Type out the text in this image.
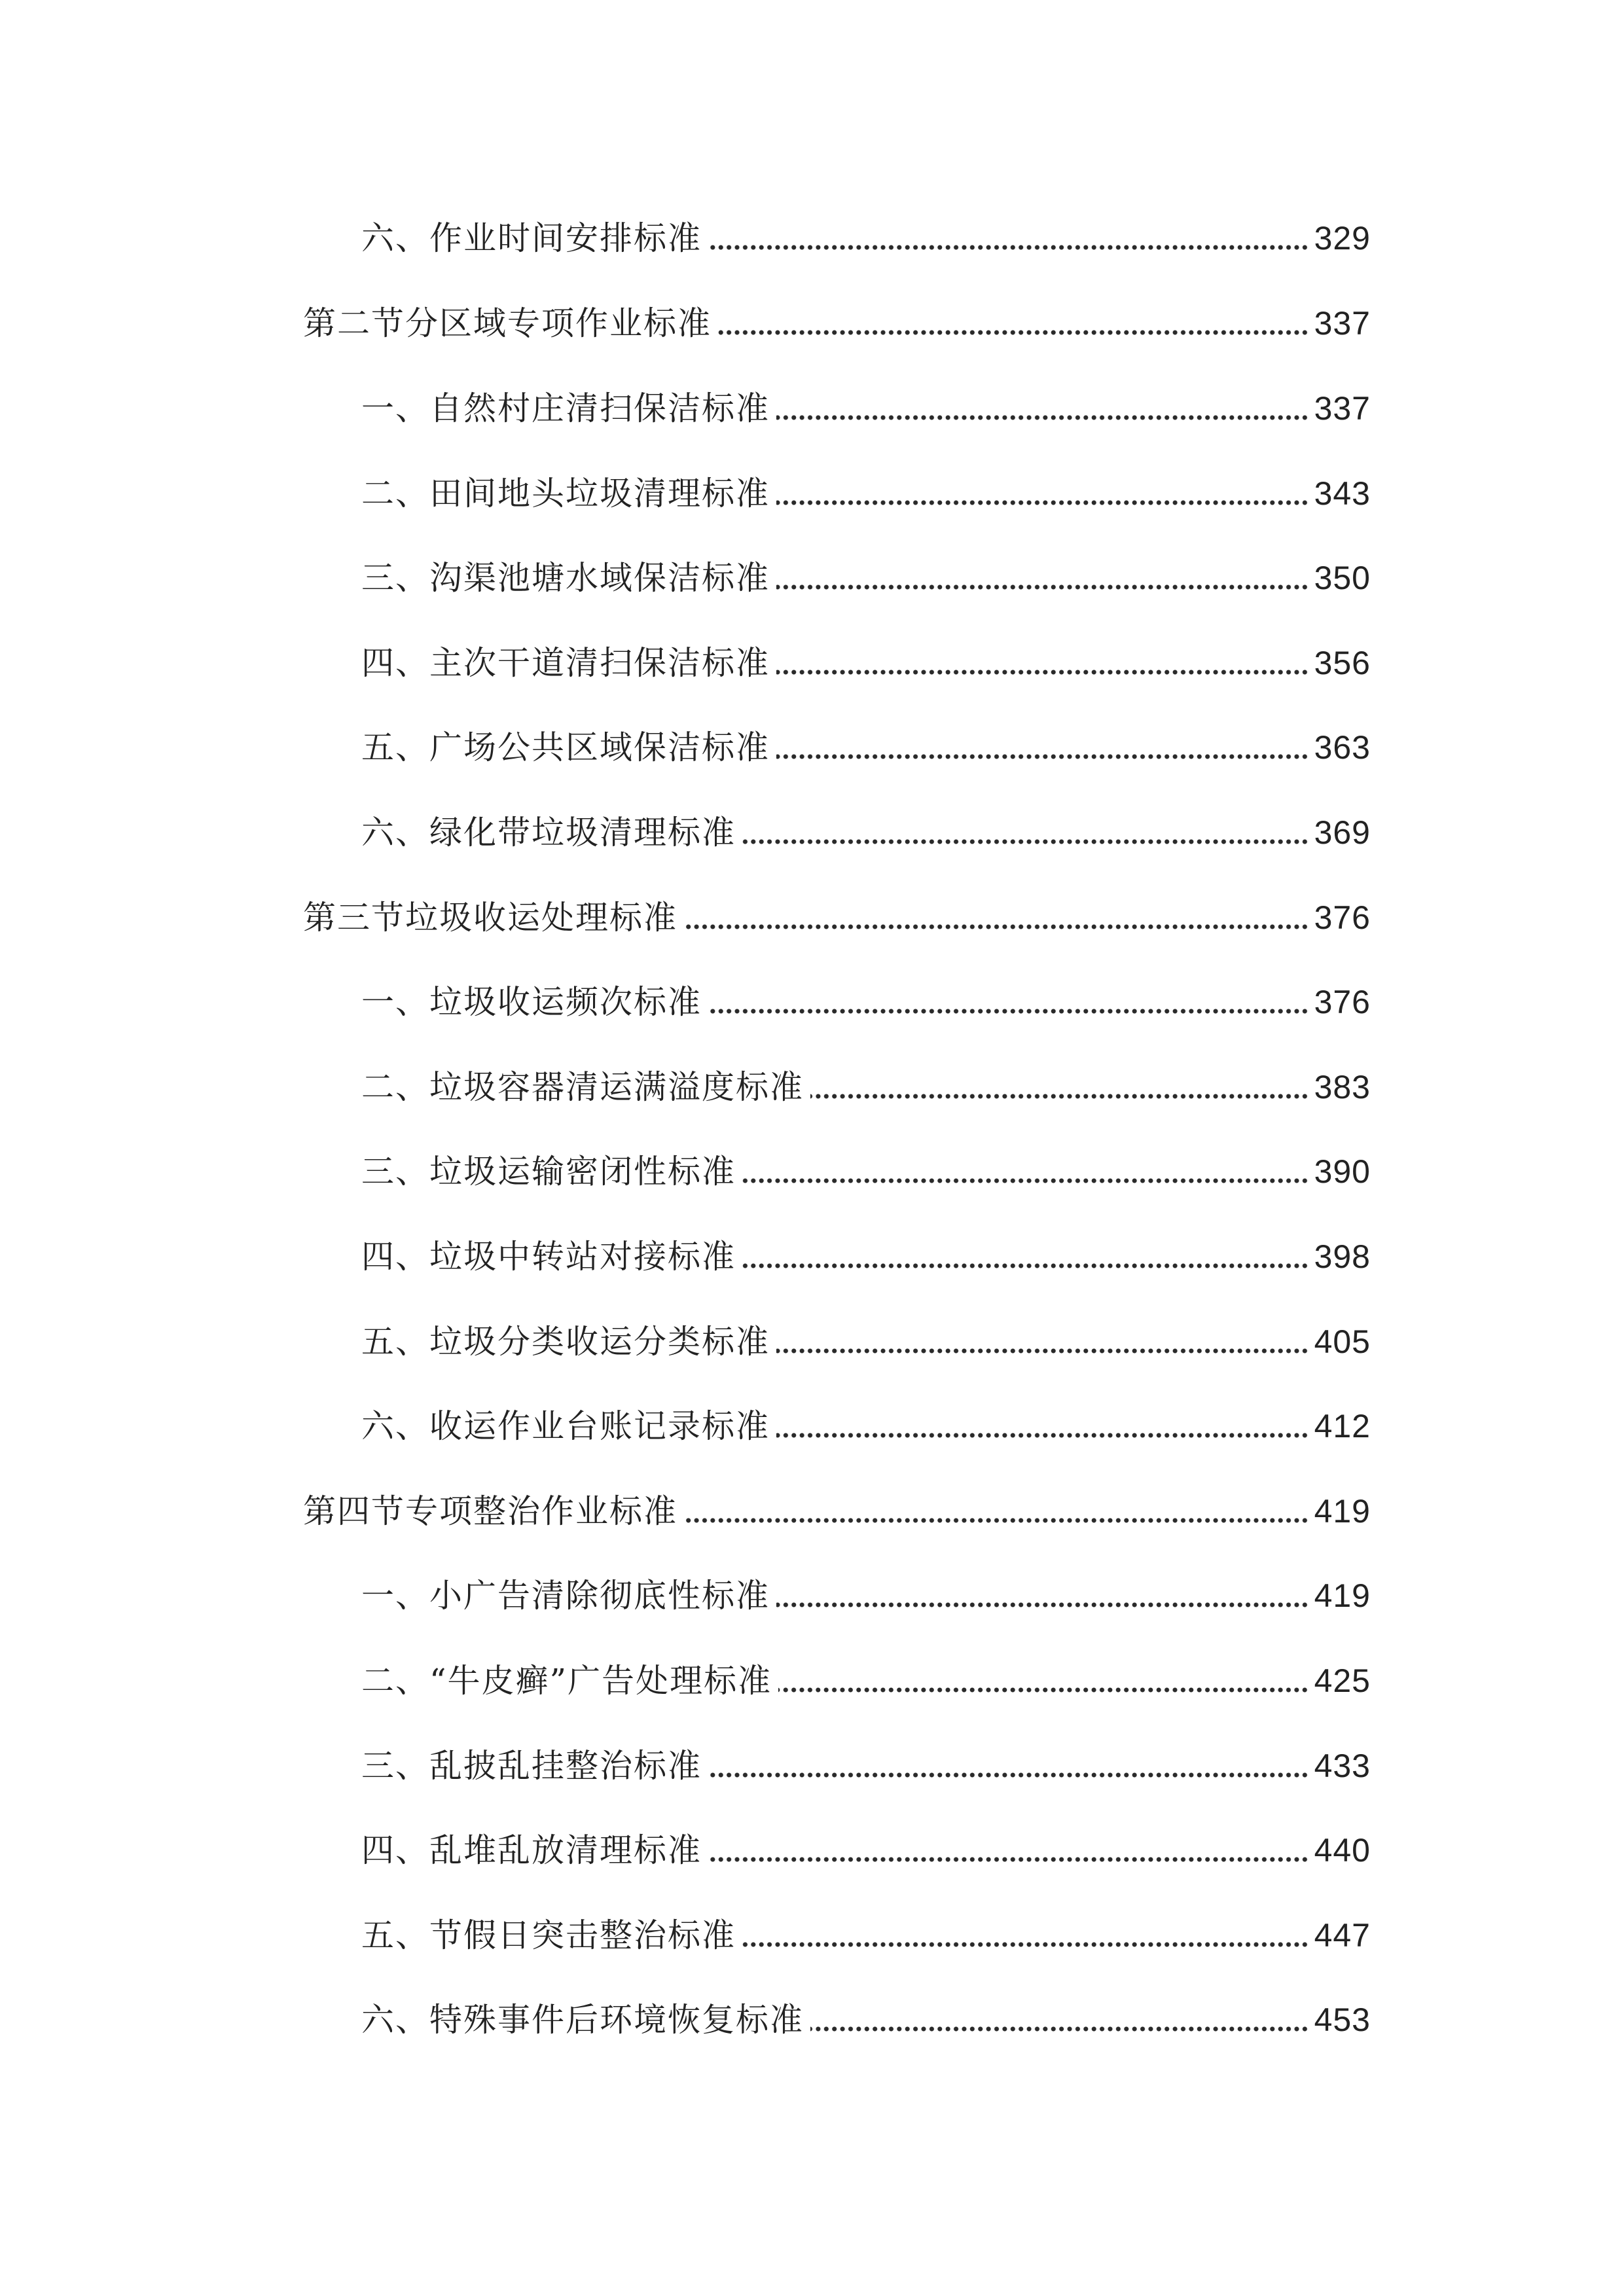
六、作业时间安排标准	329
第二节分区域专项作业标准	337
一、自然村庄清扫保洁标准	337
二、田间地头垃圾清理标准	343
三、沟渠池塘水域保洁标准	350
四、主次干道清扫保洁标准	356
五、广场公共区域保洁标准	363
六、绿化带垃圾清理标准	369
第三节垃圾收运处理标准	376
一、垃圾收运频次标准	376
二、垃圾容器清运满溢度标准	383
三、垃圾运输密闭性标准	390
四、垃圾中转站对接标准	398
五、垃圾分类收运分类标准	405
六、收运作业台账记录标准	412
第四节专项整治作业标准	419
一、小广告清除彻底性标准	419
二、“牛皮癣”广告处理标准	425
三、乱披乱挂整治标准	433
四、乱堆乱放清理标准	440
五、节假日突击整治标准	447
六、特殊事件后环境恢复标准	453
